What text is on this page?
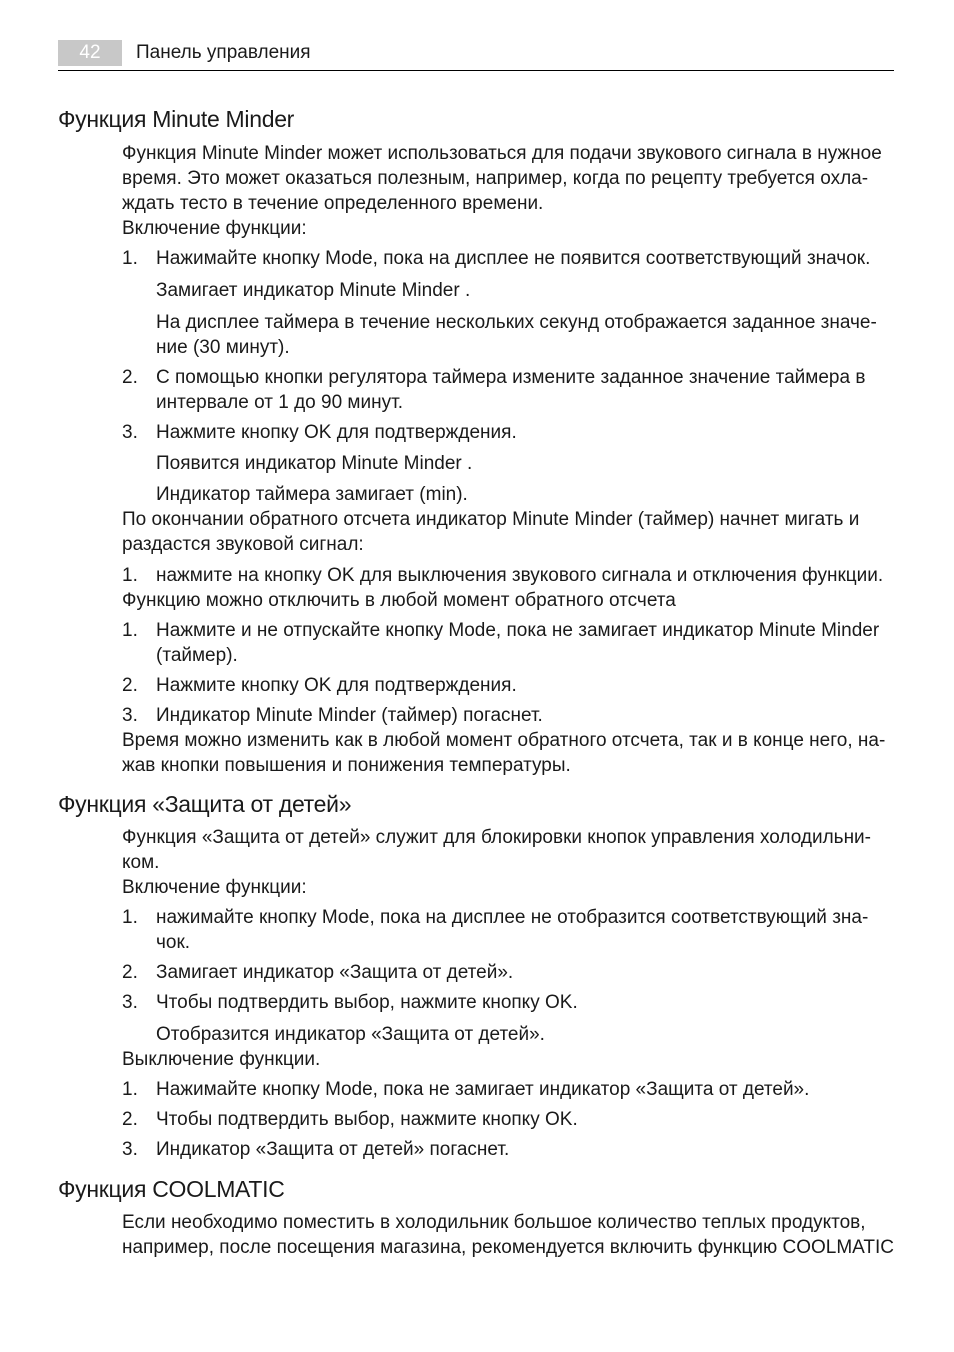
42	Панель управления
Функция Minute Minder
Функция Minute Minder может использоваться для подачи звукового сигнала в нужное
время. Это может оказаться полезным, например, когда по рецепту требуется охла-
ждать тесто в течение определенного времени.
Включение функции:
1. Нажимайте кнопку Mode, пока на дисплее не появится соответствующий значок.
Замигает индикатор Minute Minder .
На дисплее таймера в течение нескольких секунд отображается заданное значе-
ние (30 минут).
2. С помощью кнопки регулятора таймера измените заданное значение таймера в
интервале от 1 до 90 минут.
3. Нажмите кнопку OK для подтверждения.
Появится индикатор Minute Minder .
Индикатор таймера замигает (min).
По окончании обратного отсчета индикатор Minute Minder (таймер) начнет мигать и
раздастся звуковой сигнал:
1. нажмите на кнопку OK для выключения звукового сигнала и отключения функции.
Функцию можно отключить в любой момент обратного отсчета
1. Нажмите и не отпускайте кнопку Mode, пока не замигает индикатор Minute Minder
(таймер).
2. Нажмите кнопку OK для подтверждения.
3. Индикатор Minute Minder (таймер) погаснет.
Время можно изменить как в любой момент обратного отсчета, так и в конце него, на-
жав кнопки повышения и понижения температуры.
Функция «Защита от детей»
Функция «Защита от детей» служит для блокировки кнопок управления холодильни-
ком.
Включение функции:
1. нажимайте кнопку Mode, пока на дисплее не отобразится соответствующий зна-
чок.
2. Замигает индикатор «Защита от детей».
3. Чтобы подтвердить выбор, нажмите кнопку OK.
Отобразится индикатор «Защита от детей».
Выключение функции.
1. Нажимайте кнопку Mode, пока не замигает индикатор «Защита от детей».
2. Чтобы подтвердить выбор, нажмите кнопку OK.
3. Индикатор «Защита от детей» погаснет.
Функция COOLMATIC
Если необходимо поместить в холодильник большое количество теплых продуктов,
например, после посещения магазина, рекомендуется включить функцию COOLMATIC
